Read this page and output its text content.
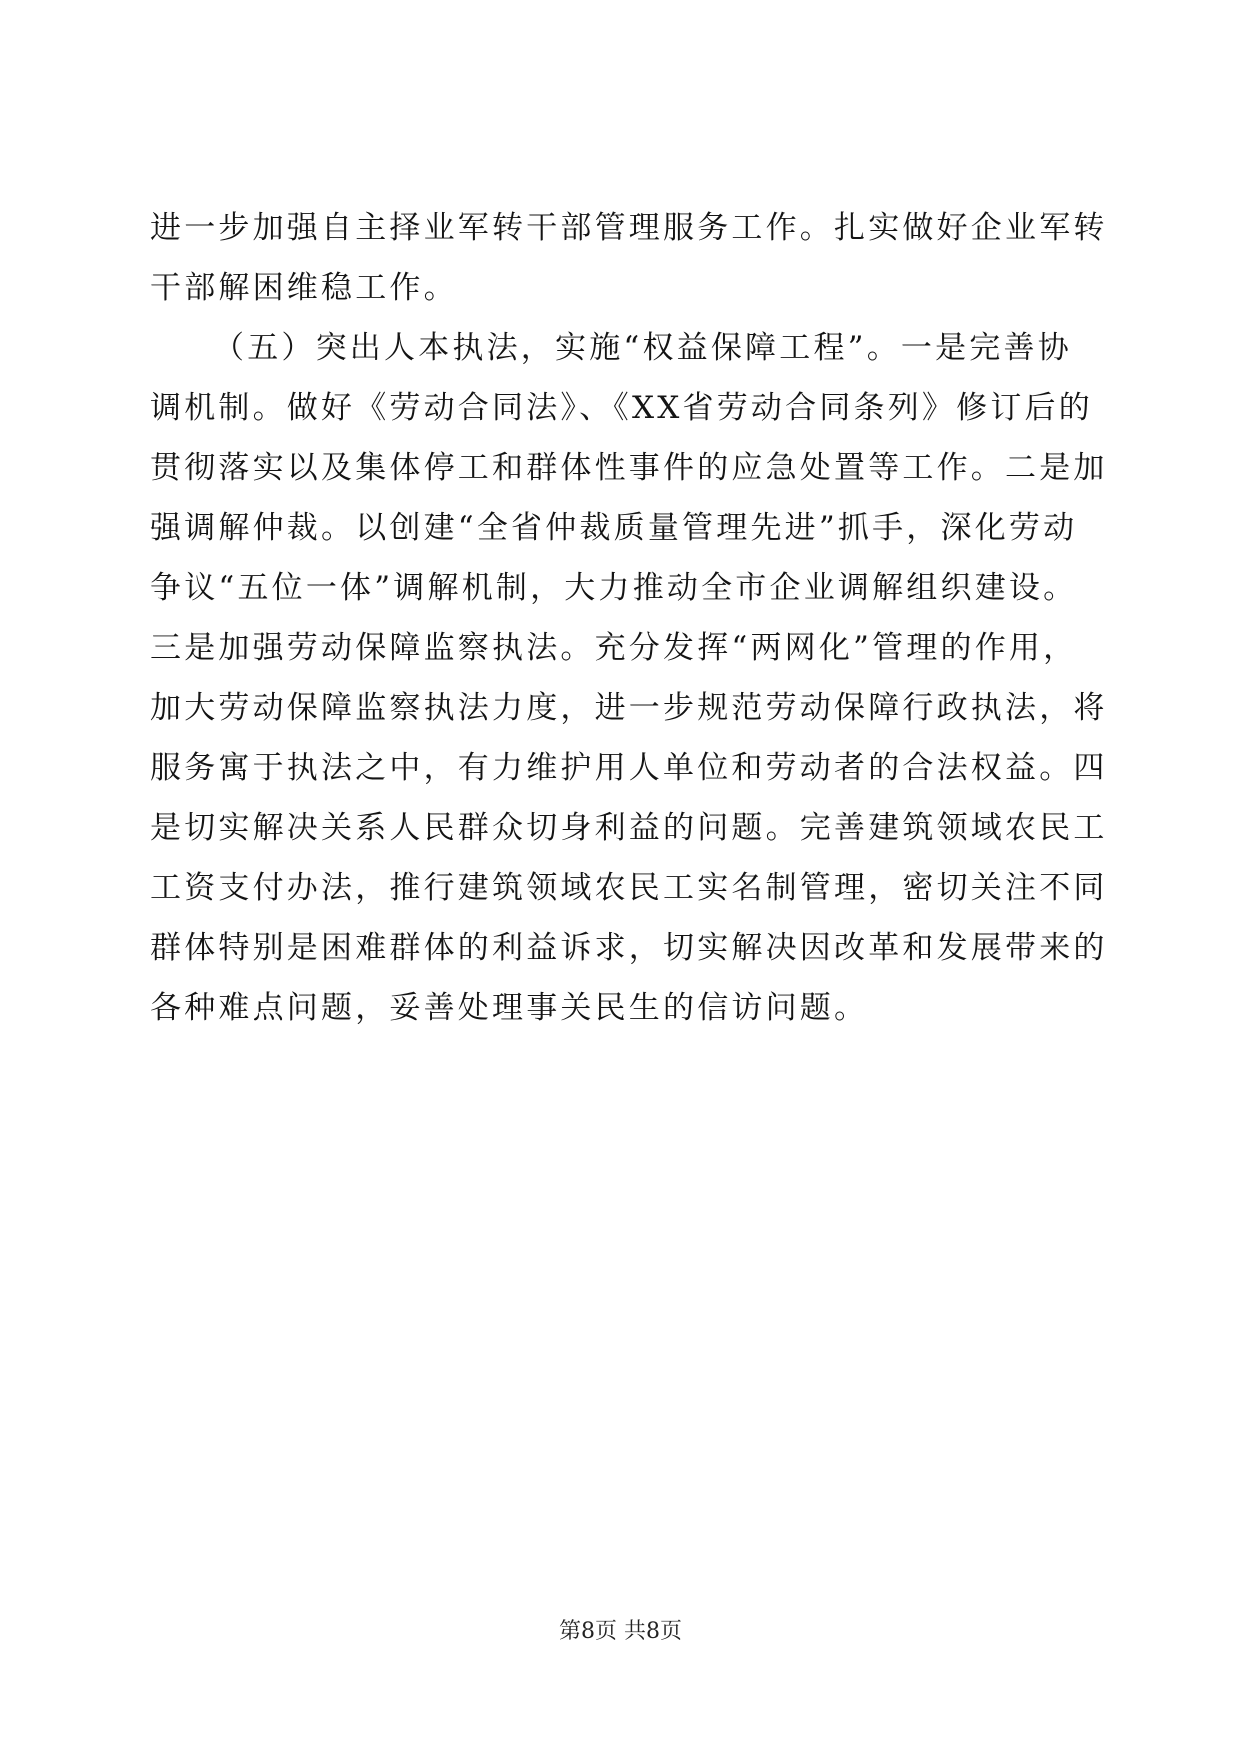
进一步加强自主择业军转干部管理服务工作。扎实做好企业军转
干部解困维稳工作。
（五）突出人本执法，实施“权益保障工程”。一是完善协
调机制。做好《劳动合同法》、《XX省劳动合同条列》修订后的
贯彻落实以及集体停工和群体性事件的应急处置等工作。二是加
强调解仲裁。以创建“全省仲裁质量管理先进”抓手，深化劳动
争议“五位一体”调解机制，大力推动全市企业调解组织建设。
三是加强劳动保障监察执法。充分发挥“两网化”管理的作用，
加大劳动保障监察执法力度，进一步规范劳动保障行政执法，将
服务寓于执法之中，有力维护用人单位和劳动者的合法权益。四
是切实解决关系人民群众切身利益的问题。完善建筑领域农民工
工资支付办法，推行建筑领域农民工实名制管理，密切关注不同
群体特别是困难群体的利益诉求，切实解决因改革和发展带来的
各种难点问题，妥善处理事关民生的信访问题。
第8页 共8页
